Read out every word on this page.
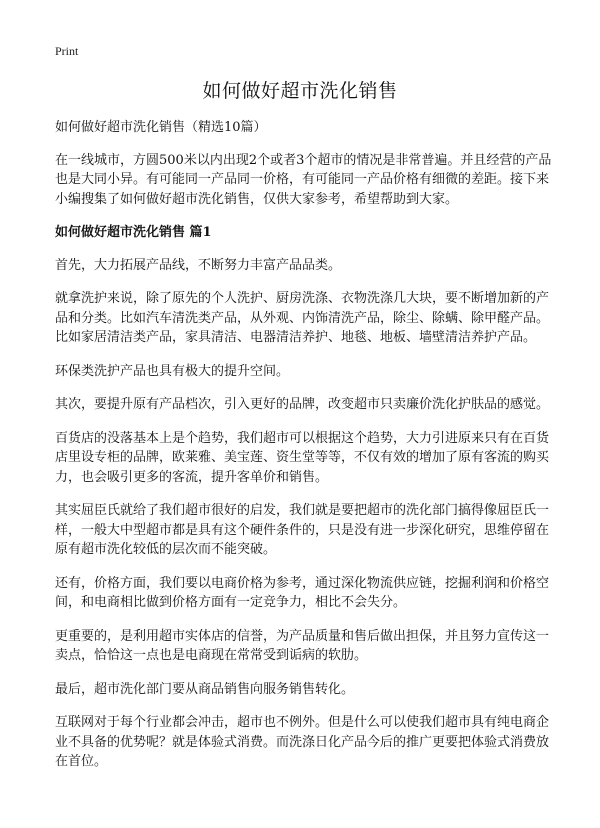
Print
如何做好超市洗化销售

如何做好超市洗化销售（精选10篇）

在一线城市，方圆500米以内出现2个或者3个超市的情况是非常普遍。并且经营的产品也是大同小异。有可能同一产品同一价格，有可能同一产品价格有细微的差距。接下来小编搜集了如何做好超市洗化销售，仅供大家参考，希望帮助到大家。

如何做好超市洗化销售 篇1

首先，大力拓展产品线，不断努力丰富产品品类。

就拿洗护来说，除了原先的个人洗护、厨房洗涤、衣物洗涤几大块，要不断增加新的产品和分类。比如汽车清洗类产品，从外观、内饰清洗产品，除尘、除螨、除甲醛产品。比如家居清洁类产品，家具清洁、电器清洁养护、地毯、地板、墙壁清洁养护产品。

环保类洗护产品也具有极大的提升空间。

其次，要提升原有产品档次，引入更好的品牌，改变超市只卖廉价洗化护肤品的感觉。

百货店的没落基本上是个趋势，我们超市可以根据这个趋势，大力引进原来只有在百货店里设专柜的品牌，欧莱雅、美宝莲、资生堂等等，不仅有效的增加了原有客流的购买力，也会吸引更多的客流，提升客单价和销售。

其实屈臣氏就给了我们超市很好的启发，我们就是要把超市的洗化部门搞得像屈臣氏一样，一般大中型超市都是具有这个硬件条件的，只是没有进一步深化研究，思维停留在原有超市洗化较低的层次而不能突破。

还有，价格方面，我们要以电商价格为参考，通过深化物流供应链，挖掘利润和价格空间，和电商相比做到价格方面有一定竞争力，相比不会失分。

更重要的，是利用超市实体店的信誉，为产品质量和售后做出担保，并且努力宣传这一卖点，恰恰这一点也是电商现在常常受到诟病的软肋。

最后，超市洗化部门要从商品销售向服务销售转化。

互联网对于每个行业都会冲击，超市也不例外。但是什么可以使我们超市具有纯电商企业不具备的优势呢？就是体验式消费。而洗涤日化产品今后的推广更要把体验式消费放在首位。
